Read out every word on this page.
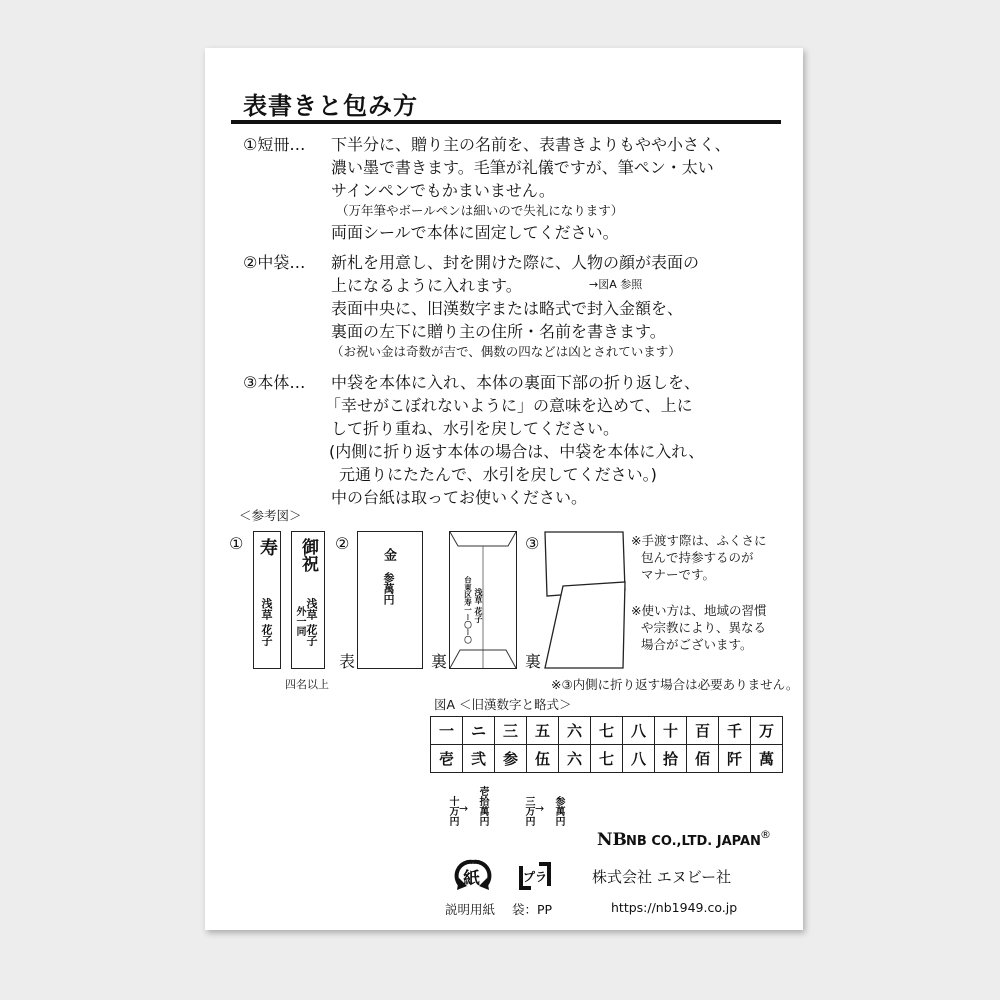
表書きと包み方
①短冊… 下半分に、贈り主の名前を、表書きよりもやや小さく、
濃い墨で書きます。毛筆が礼儀ですが、筆ペン・太い
サインペンでもかまいません。
（万年筆やボールペンは細いので失礼になります）
両面シールで本体に固定してください。
②中袋… 新札を用意し、封を開けた際に、人物の顔が表面の
上になるように入れます。	→図A 参照
表面中央に、旧漢数字または略式で封入金額を、
裏面の左下に贈り主の住所・名前を書きます。
（お祝い金は奇数が吉で、偶数の四などは凶とされています）
③本体… 中袋を本体に入れ、本体の裏面下部の折り返しを、
「幸せがこぼれないように」の意味を込めて、上に
して折り重ね、水引を戻してください。
(内側に折り返す本体の場合は、中袋を本体に入れ、
元通りにたたんで、水引を戻してください。)
中の台紙は取ってお使いください。
＜参考図＞
① 寿
浅草 花子
御祝
浅草 花子
外一同
四名以上
②
表
金
参萬円
裏
台東区寿一ー〇ー〇 浅草 花子
③
裏
※手渡す際は、ふくさに
包んで持参するのが
マナーです。
※使い方は、地域の習慣
や宗教により、異なる
場合がございます。
※③内側に折り返す場合は必要ありません。
図A ＜旧漢数字と略式＞
一	ニ	三	五	六	七	八	十	百	千	万
壱	弐	参	伍	六	七	八	拾	佰	阡	萬
十万円 → 壱拾萬円	三万円 → 参萬円
紙	プラ
説明用紙 袋：PP
NB NB CO.,LTD. JAPAN ®
株式会社 エヌビー社
https://nb1949.co.jp
